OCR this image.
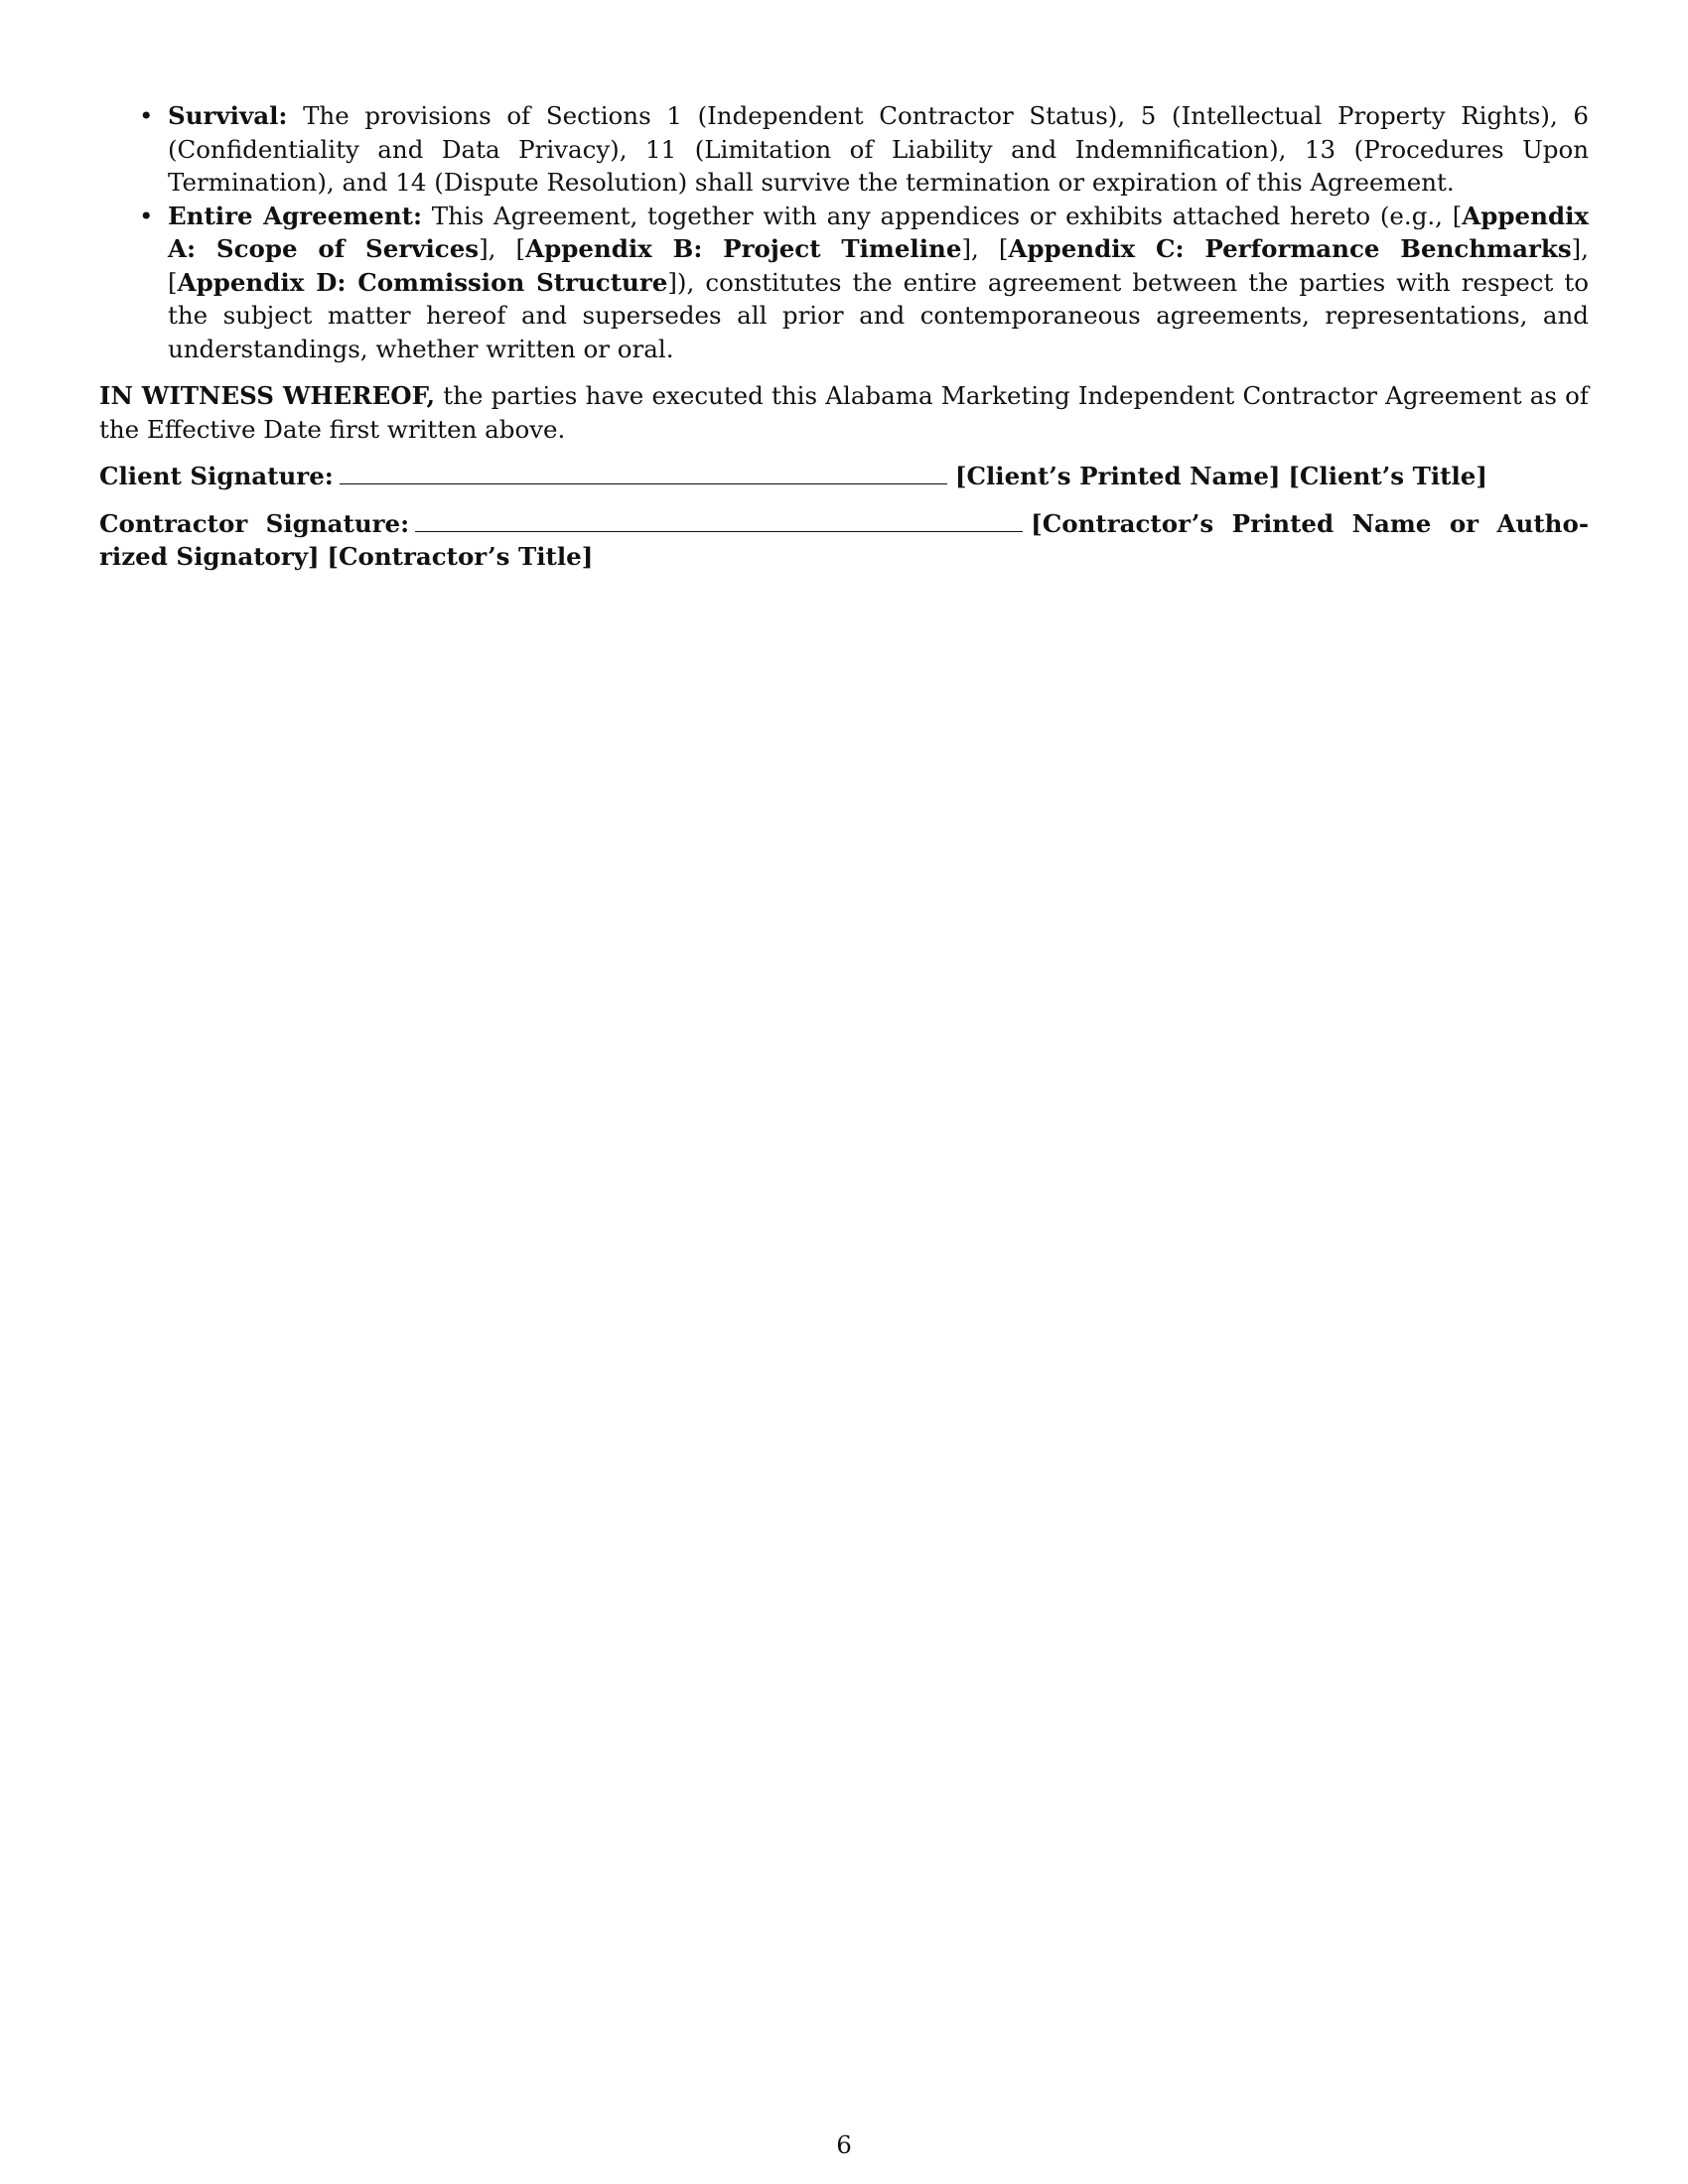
• Survival: The provisions of Sections 1 (Independent Contractor Status), 5 (Intellectual Property Rights), 6 (Confidentiality and Data Privacy), 11 (Limitation of Liability and Indemnification), 13 (Procedures Upon Termination), and 14 (Dispute Resolution) shall survive the termination or expiration of this Agreement.
• Entire Agreement: This Agreement, together with any appendices or exhibits attached hereto (e.g., [Appendix A: Scope of Services], [Appendix B: Project Timeline], [Appendix C: Performance Benchmarks], [Appendix D: Commission Structure]), constitutes the entire agreement between the parties with respect to the subject matter hereof and supersedes all prior and contemporaneous agreements, representations, and understandings, whether written or oral.

IN WITNESS WHEREOF, the parties have executed this Alabama Marketing Independent Contractor Agreement as of the Effective Date first written above.

Client Signature:	[Client’s Printed Name] [Client’s Title]

Contractor Signature:	[Contractor’s Printed Name or Authorized Signatory] [Contractor’s Title]

6
